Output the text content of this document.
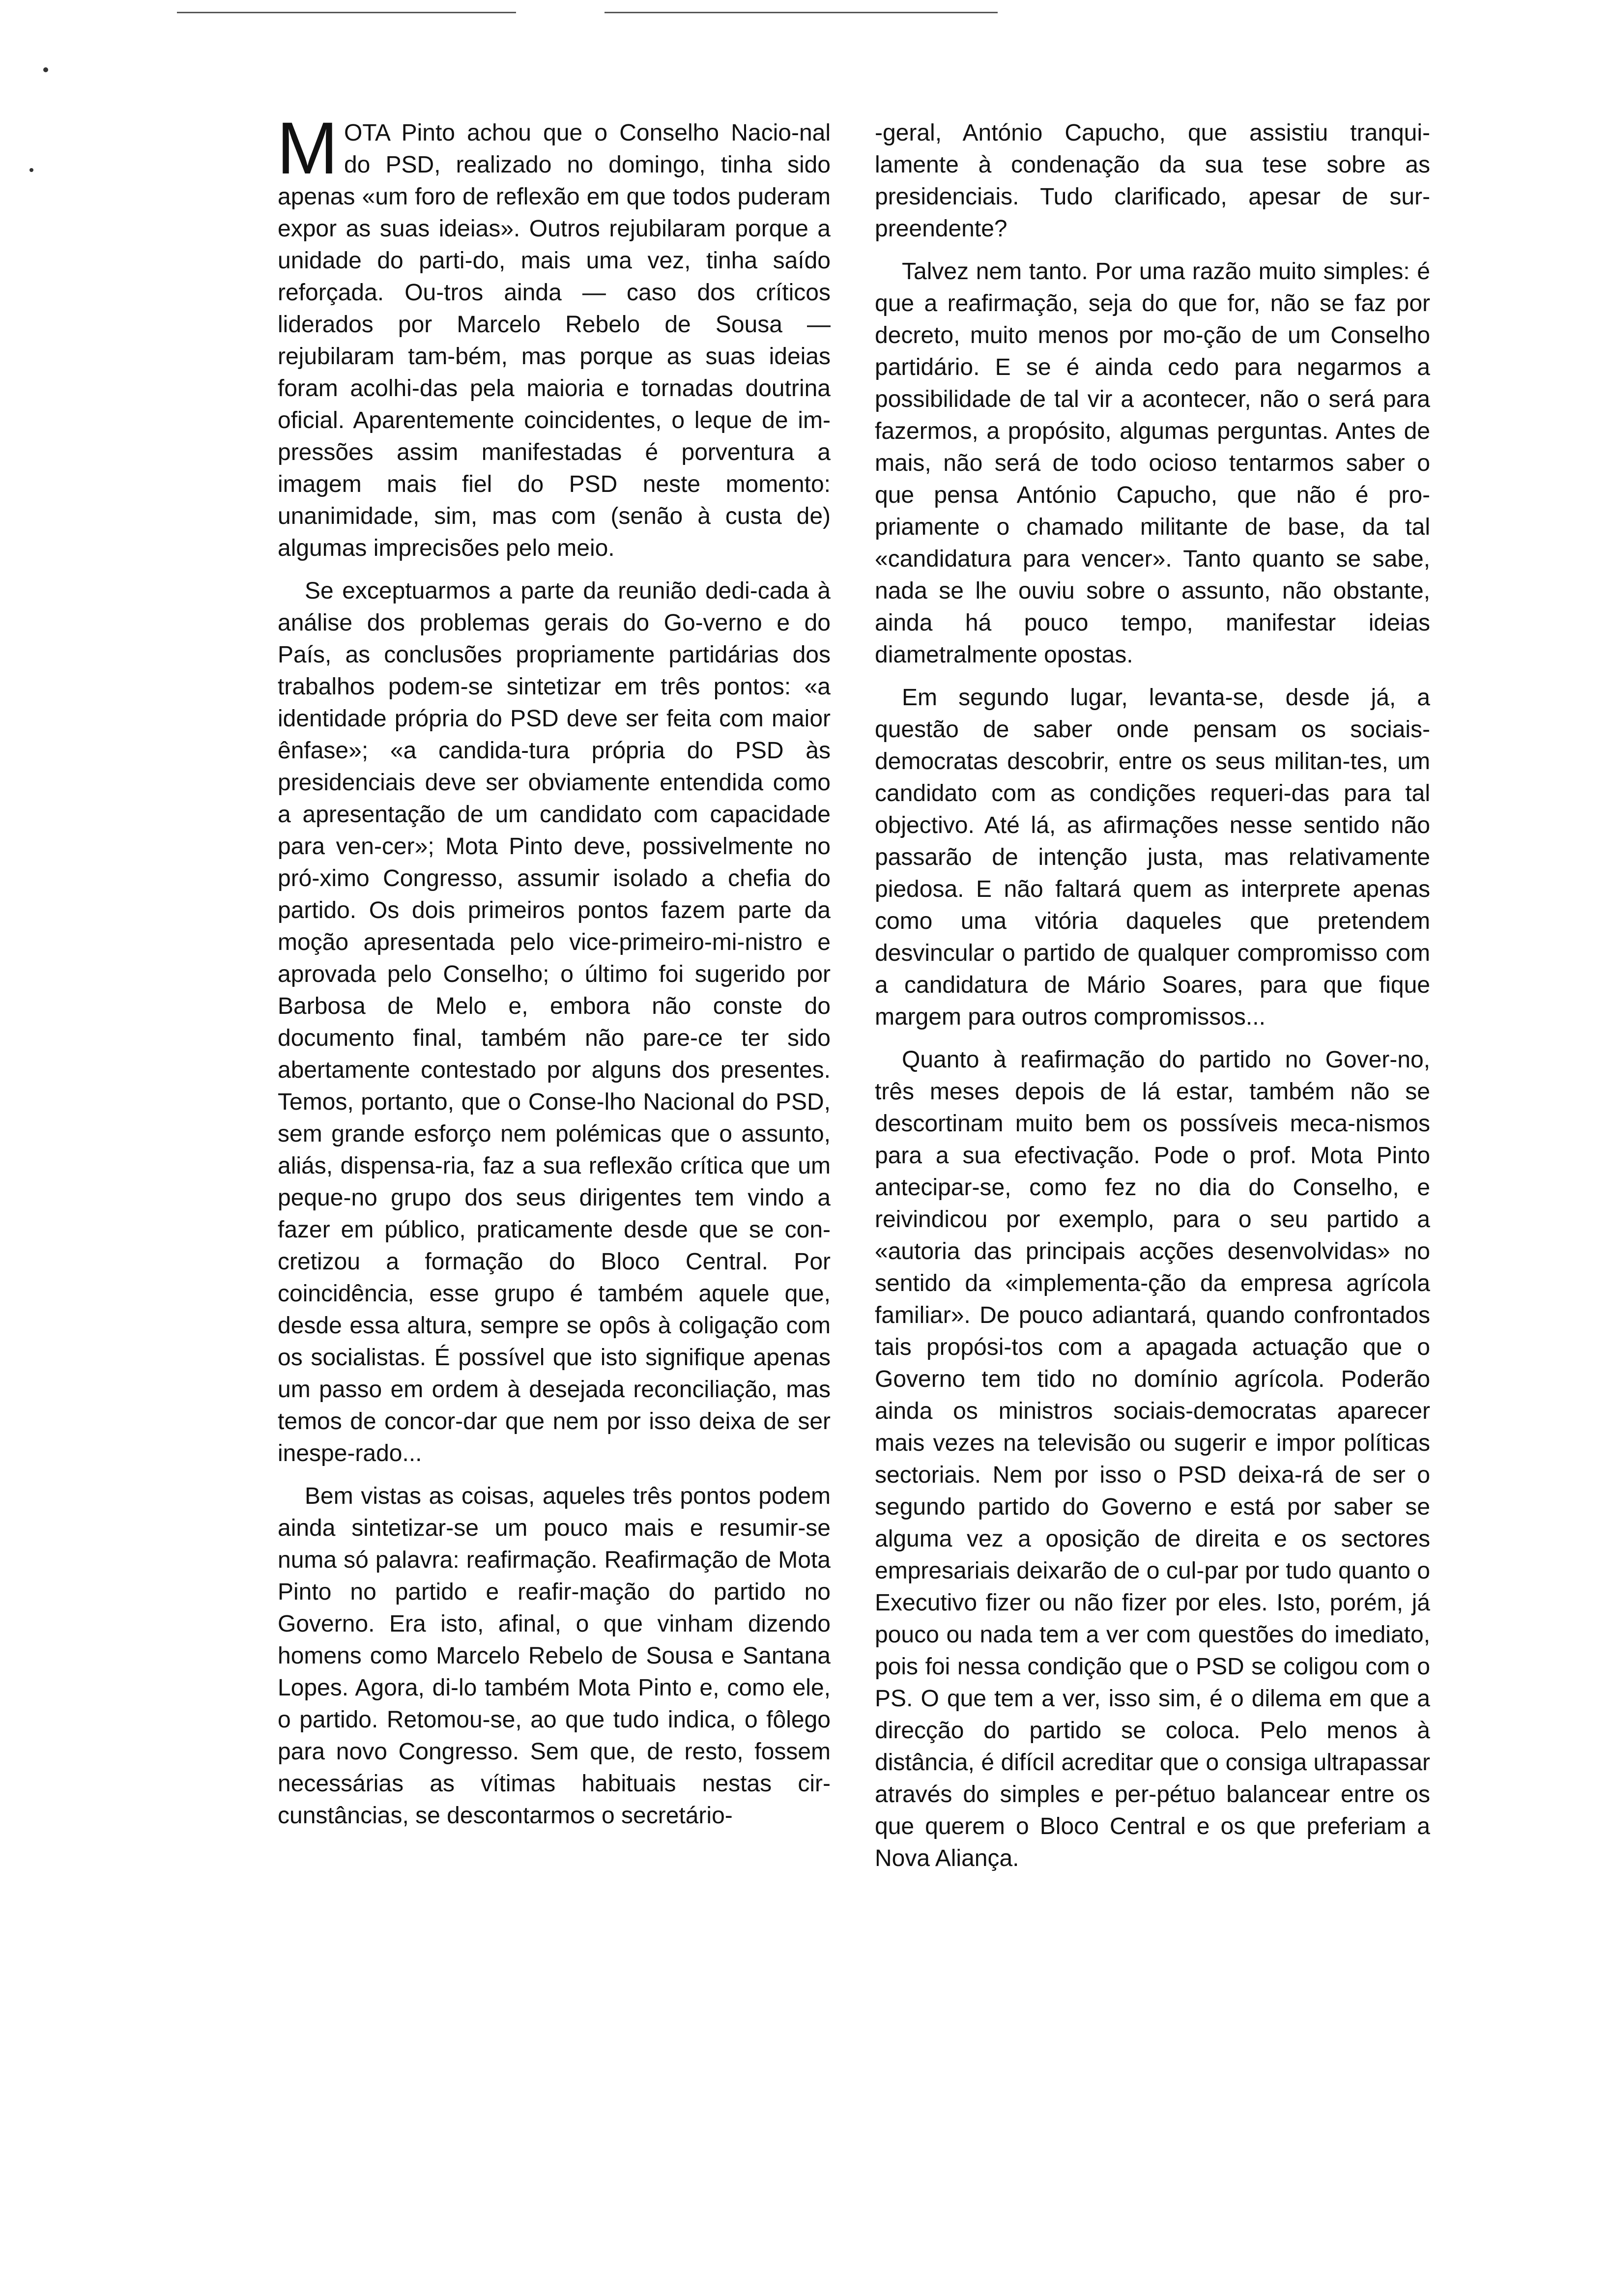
MOTA Pinto achou que o Conselho Nacio-nal do PSD, realizado no domingo, tinha sido apenas «um foro de reflexão em que todos puderam expor as suas ideias». Outros rejubilaram porque a unidade do parti-do, mais uma vez, tinha saído reforçada. Ou-tros ainda — caso dos críticos liderados por Marcelo Rebelo de Sousa — rejubilaram tam-bém, mas porque as suas ideias foram acolhi-das pela maioria e tornadas doutrina oficial. Aparentemente coincidentes, o leque de im-pressões assim manifestadas é porventura a imagem mais fiel do PSD neste momento: unanimidade, sim, mas com (senão à custa de) algumas imprecisões pelo meio.

Se exceptuarmos a parte da reunião dedi-cada à análise dos problemas gerais do Go-verno e do País, as conclusões propriamente partidárias dos trabalhos podem-se sintetizar em três pontos: «a identidade própria do PSD deve ser feita com maior ênfase»; «a candida-tura própria do PSD às presidenciais deve ser obviamente entendida como a apresentação de um candidato com capacidade para ven-cer»; Mota Pinto deve, possivelmente no pró-ximo Congresso, assumir isolado a chefia do partido. Os dois primeiros pontos fazem parte da moção apresentada pelo vice-primeiro-mi-nistro e aprovada pelo Conselho; o último foi sugerido por Barbosa de Melo e, embora não conste do documento final, também não pare-ce ter sido abertamente contestado por alguns dos presentes. Temos, portanto, que o Conse-lho Nacional do PSD, sem grande esforço nem polémicas que o assunto, aliás, dispensa-ria, faz a sua reflexão crítica que um peque-no grupo dos seus dirigentes tem vindo a fazer em público, praticamente desde que se con-cretizou a formação do Bloco Central. Por coincidência, esse grupo é também aquele que, desde essa altura, sempre se opôs à coligação com os socialistas. É possível que isto signifique apenas um passo em ordem à desejada reconciliação, mas temos de concor-dar que nem por isso deixa de ser inespe-rado...

Bem vistas as coisas, aqueles três pontos podem ainda sintetizar-se um pouco mais e resumir-se numa só palavra: reafirmação. Reafirmação de Mota Pinto no partido e reafir-mação do partido no Governo. Era isto, afinal, o que vinham dizendo homens como Marcelo Rebelo de Sousa e Santana Lopes. Agora, di-lo também Mota Pinto e, como ele, o partido. Retomou-se, ao que tudo indica, o fôlego para novo Congresso. Sem que, de resto, fossem necessárias as vítimas habituais nestas cir-cunstâncias, se descontarmos o secretário-

-geral, António Capucho, que assistiu tranqui-lamente à condenação da sua tese sobre as presidenciais. Tudo clarificado, apesar de sur-preendente?

Talvez nem tanto. Por uma razão muito simples: é que a reafirmação, seja do que for, não se faz por decreto, muito menos por mo-ção de um Conselho partidário. E se é ainda cedo para negarmos a possibilidade de tal vir a acontecer, não o será para fazermos, a propósito, algumas perguntas. Antes de mais, não será de todo ocioso tentarmos saber o que pensa António Capucho, que não é pro-priamente o chamado militante de base, da tal «candidatura para vencer». Tanto quanto se sabe, nada se lhe ouviu sobre o assunto, não obstante, ainda há pouco tempo, manifestar ideias diametralmente opostas.

Em segundo lugar, levanta-se, desde já, a questão de saber onde pensam os sociais-democratas descobrir, entre os seus militan-tes, um candidato com as condições requeri-das para tal objectivo. Até lá, as afirmações nesse sentido não passarão de intenção justa, mas relativamente piedosa. E não faltará quem as interprete apenas como uma vitória daqueles que pretendem desvincular o partido de qualquer compromisso com a candidatura de Mário Soares, para que fique margem para outros compromissos...

Quanto à reafirmação do partido no Gover-no, três meses depois de lá estar, também não se descortinam muito bem os possíveis meca-nismos para a sua efectivação. Pode o prof. Mota Pinto antecipar-se, como fez no dia do Conselho, e reivindicou por exemplo, para o seu partido a «autoria das principais acções desenvolvidas» no sentido da «implementa-ção da empresa agrícola familiar». De pouco adiantará, quando confrontados tais propósi-tos com a apagada actuação que o Governo tem tido no domínio agrícola. Poderão ainda os ministros sociais-democratas aparecer mais vezes na televisão ou sugerir e impor políticas sectoriais. Nem por isso o PSD deixa-rá de ser o segundo partido do Governo e está por saber se alguma vez a oposição de direita e os sectores empresariais deixarão de o cul-par por tudo quanto o Executivo fizer ou não fizer por eles. Isto, porém, já pouco ou nada tem a ver com questões do imediato, pois foi nessa condição que o PSD se coligou com o PS. O que tem a ver, isso sim, é o dilema em que a direcção do partido se coloca. Pelo menos à distância, é difícil acreditar que o consiga ultrapassar através do simples e per-pétuo balancear entre os que querem o Bloco Central e os que preferiam a Nova Aliança.
